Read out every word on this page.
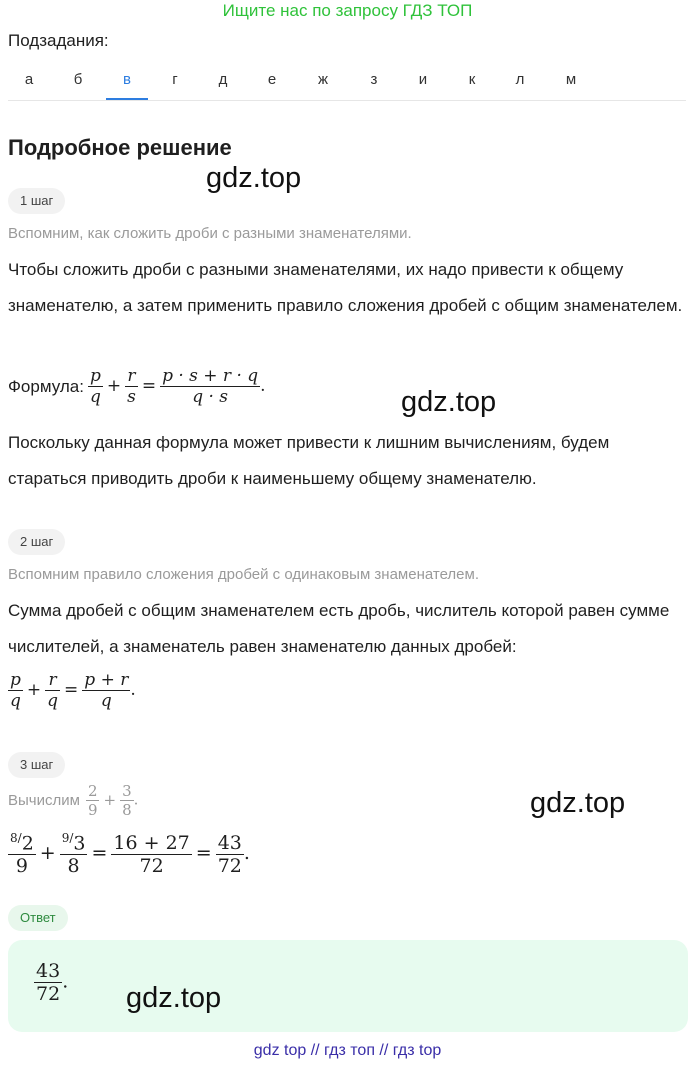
Ищите нас по запросу ГДЗ ТОП
Подзадания:
а	б	в	г	д	е	ж	з	и	к	л	м
Подробное решение
gdz.top
1 шаг
Вспомним, как сложить дроби с разными знаменателями.
Чтобы сложить дроби с разными знаменателями, их надо привести к общему знаменателю, а затем применить правило сложения дробей с общим знаменателем.
Формула: $\frac{p}{q} + \frac{r}{s} = \frac{p \cdot s + r \cdot q}{q \cdot s}$ .	gdz.top
Поскольку данная формула может привести к лишним вычислениям, будем стараться приводить дроби к наименьшему общему знаменателю.
2 шаг
Вспомним правило сложения дробей с одинаковым знаменателем.
Сумма дробей с общим знаменателем есть дробь, числитель которой равен сумме числителей, а знаменатель равен знаменателю данных дробей:
$\frac{p}{q} + \frac{r}{q} = \frac{p + r}{q}$ .
3 шаг
Вычислим $\frac{2}{9} + \frac{3}{8}$ .	gdz.top
$\frac{^{8/}2}{9} + \frac{^{9/}3}{8} = \frac{16 + 27}{72} = \frac{43}{72}$ .
Ответ
$\frac{43}{72}$ .
gdz.top
gdz top // гдз топ // гдз top
